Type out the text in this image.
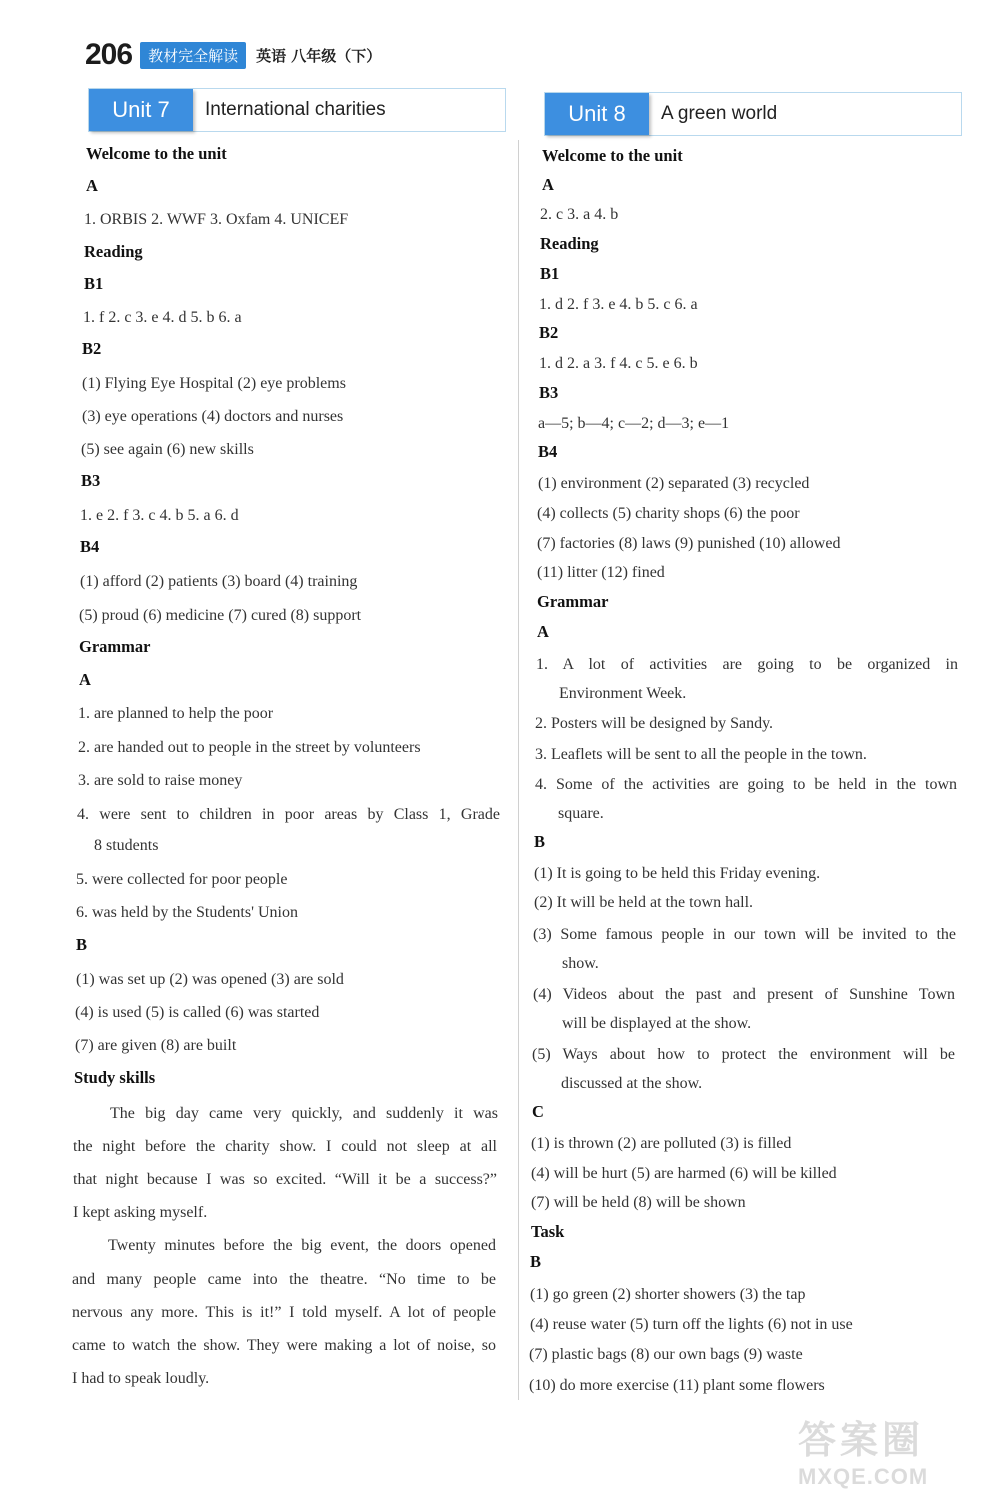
206	教材完全解读	英语 八年级（下）
Unit 7	International charities
Welcome to the unit
A
1. ORBIS 2. WWF 3. Oxfam 4. UNICEF
Reading
B1
1. f 2. c 3. e 4. d 5. b 6. a
B2
(1) Flying Eye Hospital (2) eye problems
(3) eye operations (4) doctors and nurses
(5) see again (6) new skills
B3
1. e 2. f 3. c 4. b 5. a 6. d
B4
(1) afford (2) patients (3) board (4) training
(5) proud (6) medicine (7) cured (8) support
Grammar
A
1. are planned to help the poor
2. are handed out to people in the street by volunteers
3. are sold to raise money
4. were sent to children in poor areas by Class 1, Grade
8 students
5. were collected for poor people
6. was held by the Students' Union
B
(1) was set up (2) was opened (3) are sold
(4) is used (5) is called (6) was started
(7) are given (8) are built
Study skills
The big day came very quickly, and suddenly it was
the night before the charity show. I could not sleep at all
that night because I was so excited. “Will it be a success?”
I kept asking myself.
Twenty minutes before the big event, the doors opened
and many people came into the theatre. “No time to be
nervous any more. This is it!” I told myself. A lot of people
came to watch the show. They were making a lot of noise, so
I had to speak loudly.
Unit 8	A green world
Welcome to the unit
A
2. c 3. a 4. b
Reading
B1
1. d 2. f 3. e 4. b 5. c 6. a
B2
1. d 2. a 3. f 4. c 5. e 6. b
B3
a—5; b—4; c—2; d—3; e—1
B4
(1) environment (2) separated (3) recycled
(4) collects (5) charity shops (6) the poor
(7) factories (8) laws (9) punished (10) allowed
(11) litter (12) fined
Grammar
A
1. A lot of activities are going to be organized in
Environment Week.
2. Posters will be designed by Sandy.
3. Leaflets will be sent to all the people in the town.
4. Some of the activities are going to be held in the town
square.
B
(1) It is going to be held this Friday evening.
(2) It will be held at the town hall.
(3) Some famous people in our town will be invited to the
show.
(4) Videos about the past and present of Sunshine Town
will be displayed at the show.
(5) Ways about how to protect the environment will be
discussed at the show.
C
(1) is thrown (2) are polluted (3) is filled
(4) will be hurt (5) are harmed (6) will be killed
(7) will be held (8) will be shown
Task
B
(1) go green (2) shorter showers (3) the tap
(4) reuse water (5) turn off the lights (6) not in use
(7) plastic bags (8) our own bags (9) waste
(10) do more exercise (11) plant some flowers
答案圈
MXQE.COM
